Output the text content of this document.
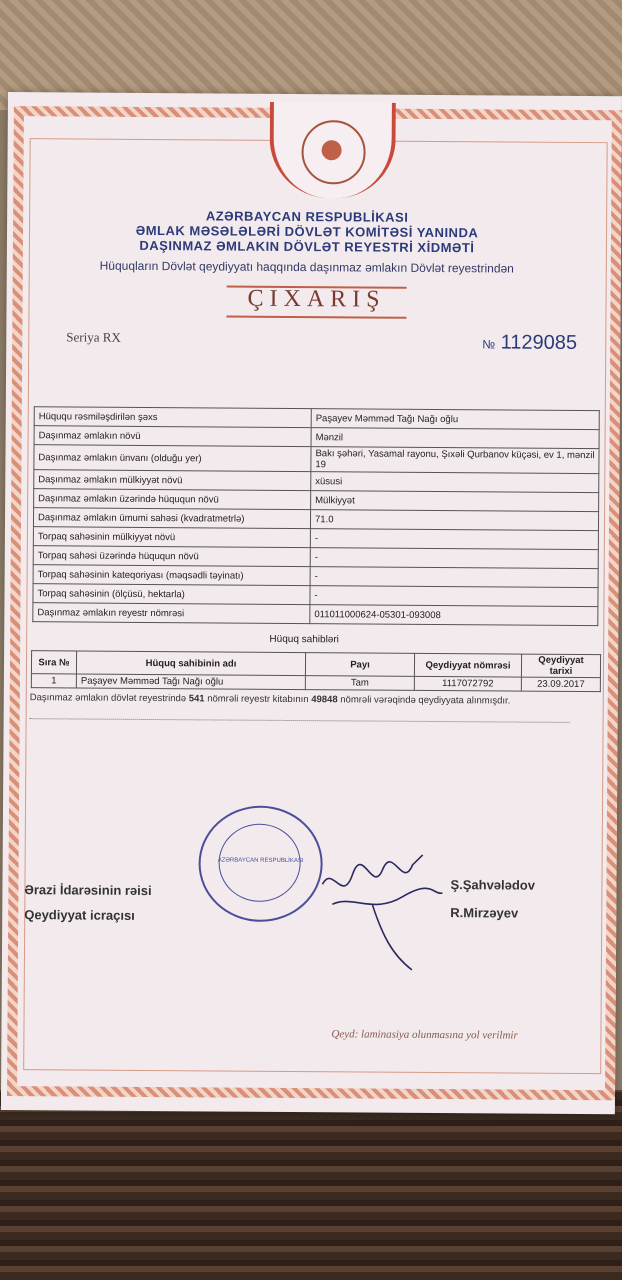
AZƏRBAYCAN RESPUBLİKASI
ƏMLAK MƏSƏLƏLƏRİ DÖVLƏT KOMİTƏSİ YANINDA
DAŞINMAZ ƏMLAKIN DÖVLƏT REYESTRİ XİDMƏTİ
Hüquqların Dövlət qeydiyyatı haqqında daşınmaz əmlakın Dövlət reyestrindən
ÇIXARIŞ
Seriya RX	№ 1129085
Hüququ rəsmiləşdirilən şəxs	Paşayev Məmməd Tağı Nağı oğlu
Daşınmaz əmlakın növü	Mənzil
Daşınmaz əmlakın ünvanı (olduğu yer)	Bakı şəhəri, Yasamal rayonu, Şıxəli Qurbanov küçəsi, ev 1, mənzil 19
Daşınmaz əmlakın mülkiyyət növü	xüsusi
Daşınmaz əmlakın üzərində hüququn növü	Mülkiyyət
Daşınmaz əmlakın ümumi sahəsi (kvadratmetrlə)	71.0
Torpaq sahəsinin mülkiyyət növü	-
Torpaq sahəsi üzərində hüququn növü	-
Torpaq sahəsinin kateqoriyası (məqsədli təyinatı)	-
Torpaq sahəsinin (ölçüsü, hektarla)	-
Daşınmaz əmlakın reyestr nömrəsi	011011000624-05301-093008
Hüquq sahibləri
Sıra №	Hüquq sahibinin adı	Payı	Qeydiyyat nömrəsi	Qeydiyyat tarixi
1	Paşayev Məmməd Tağı Nağı oğlu	Tam	1117072792	23.09.2017
Daşınmaz əmlakın dövlət reyestrində 541 nömrəli reyestr kitabının 49848 nömrəli vərəqində qeydiyyata alınmışdır.
AZƏRBAYCAN RESPUBLİKASI
Ərazi İdarəsinin rəisi
Qeydiyyat icraçısı
Ş.Şahvələdov
R.Mirzəyev
Qeyd: laminasiya olunmasına yol verilmir
